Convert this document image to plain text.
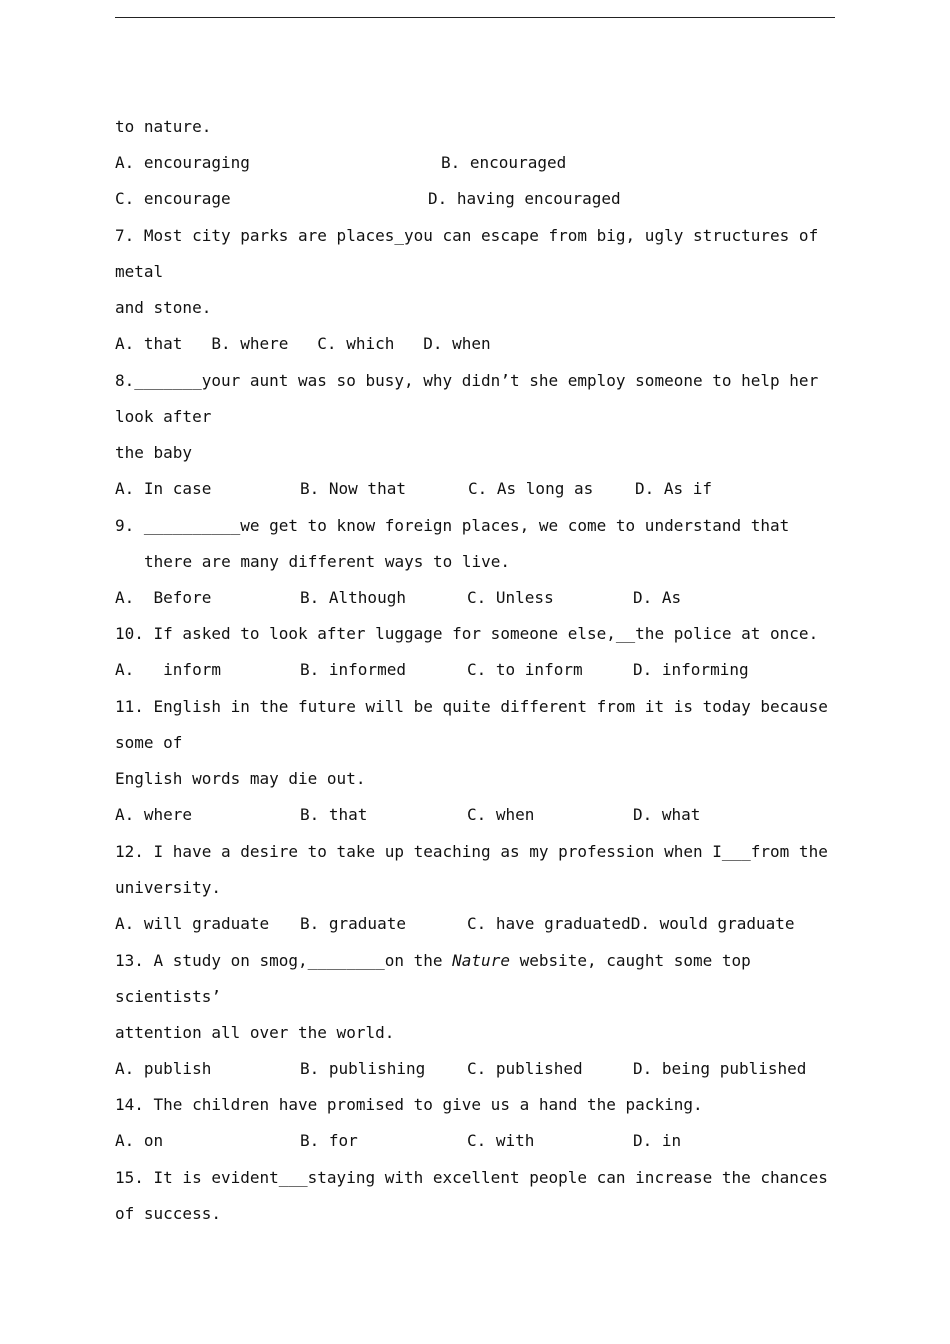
to nature.
A. encouraging	B. encouraged
C. encourage	D. having encouraged
7. Most city parks are places_you can escape from big, ugly structures of
metal
and stone.
A. that   B. where   C. which   D. when
8._______your aunt was so busy, why didn’t she employ someone to help her
look after
the baby
A. In case	B. Now that	C. As long as	D. As if
9. __________we get to know foreign places, we come to understand that
there are many different ways to live.
A.  Before	B. Although	C. Unless	D. As
10. If asked to look after luggage for someone else,__the police at once.
A.   inform	B. informed	C. to inform	D. informing
11. English in the future will be quite different from it is today because
some of
English words may die out.
A. where	B. that	C. when	D. what
12. I have a desire to take up teaching as my profession when I___from the
university.
A. will graduate B. graduate	C. have graduatedD. would graduate
13. A study on smog,________on the Nature website, caught some top
scientists’
attention all over the world.
A. publish	B. publishing	C. published	D. being published
14. The children have promised to give us a hand the packing.
A. on	B. for	C. with	D. in
15. It is evident___staying with excellent people can increase the chances
of success.
